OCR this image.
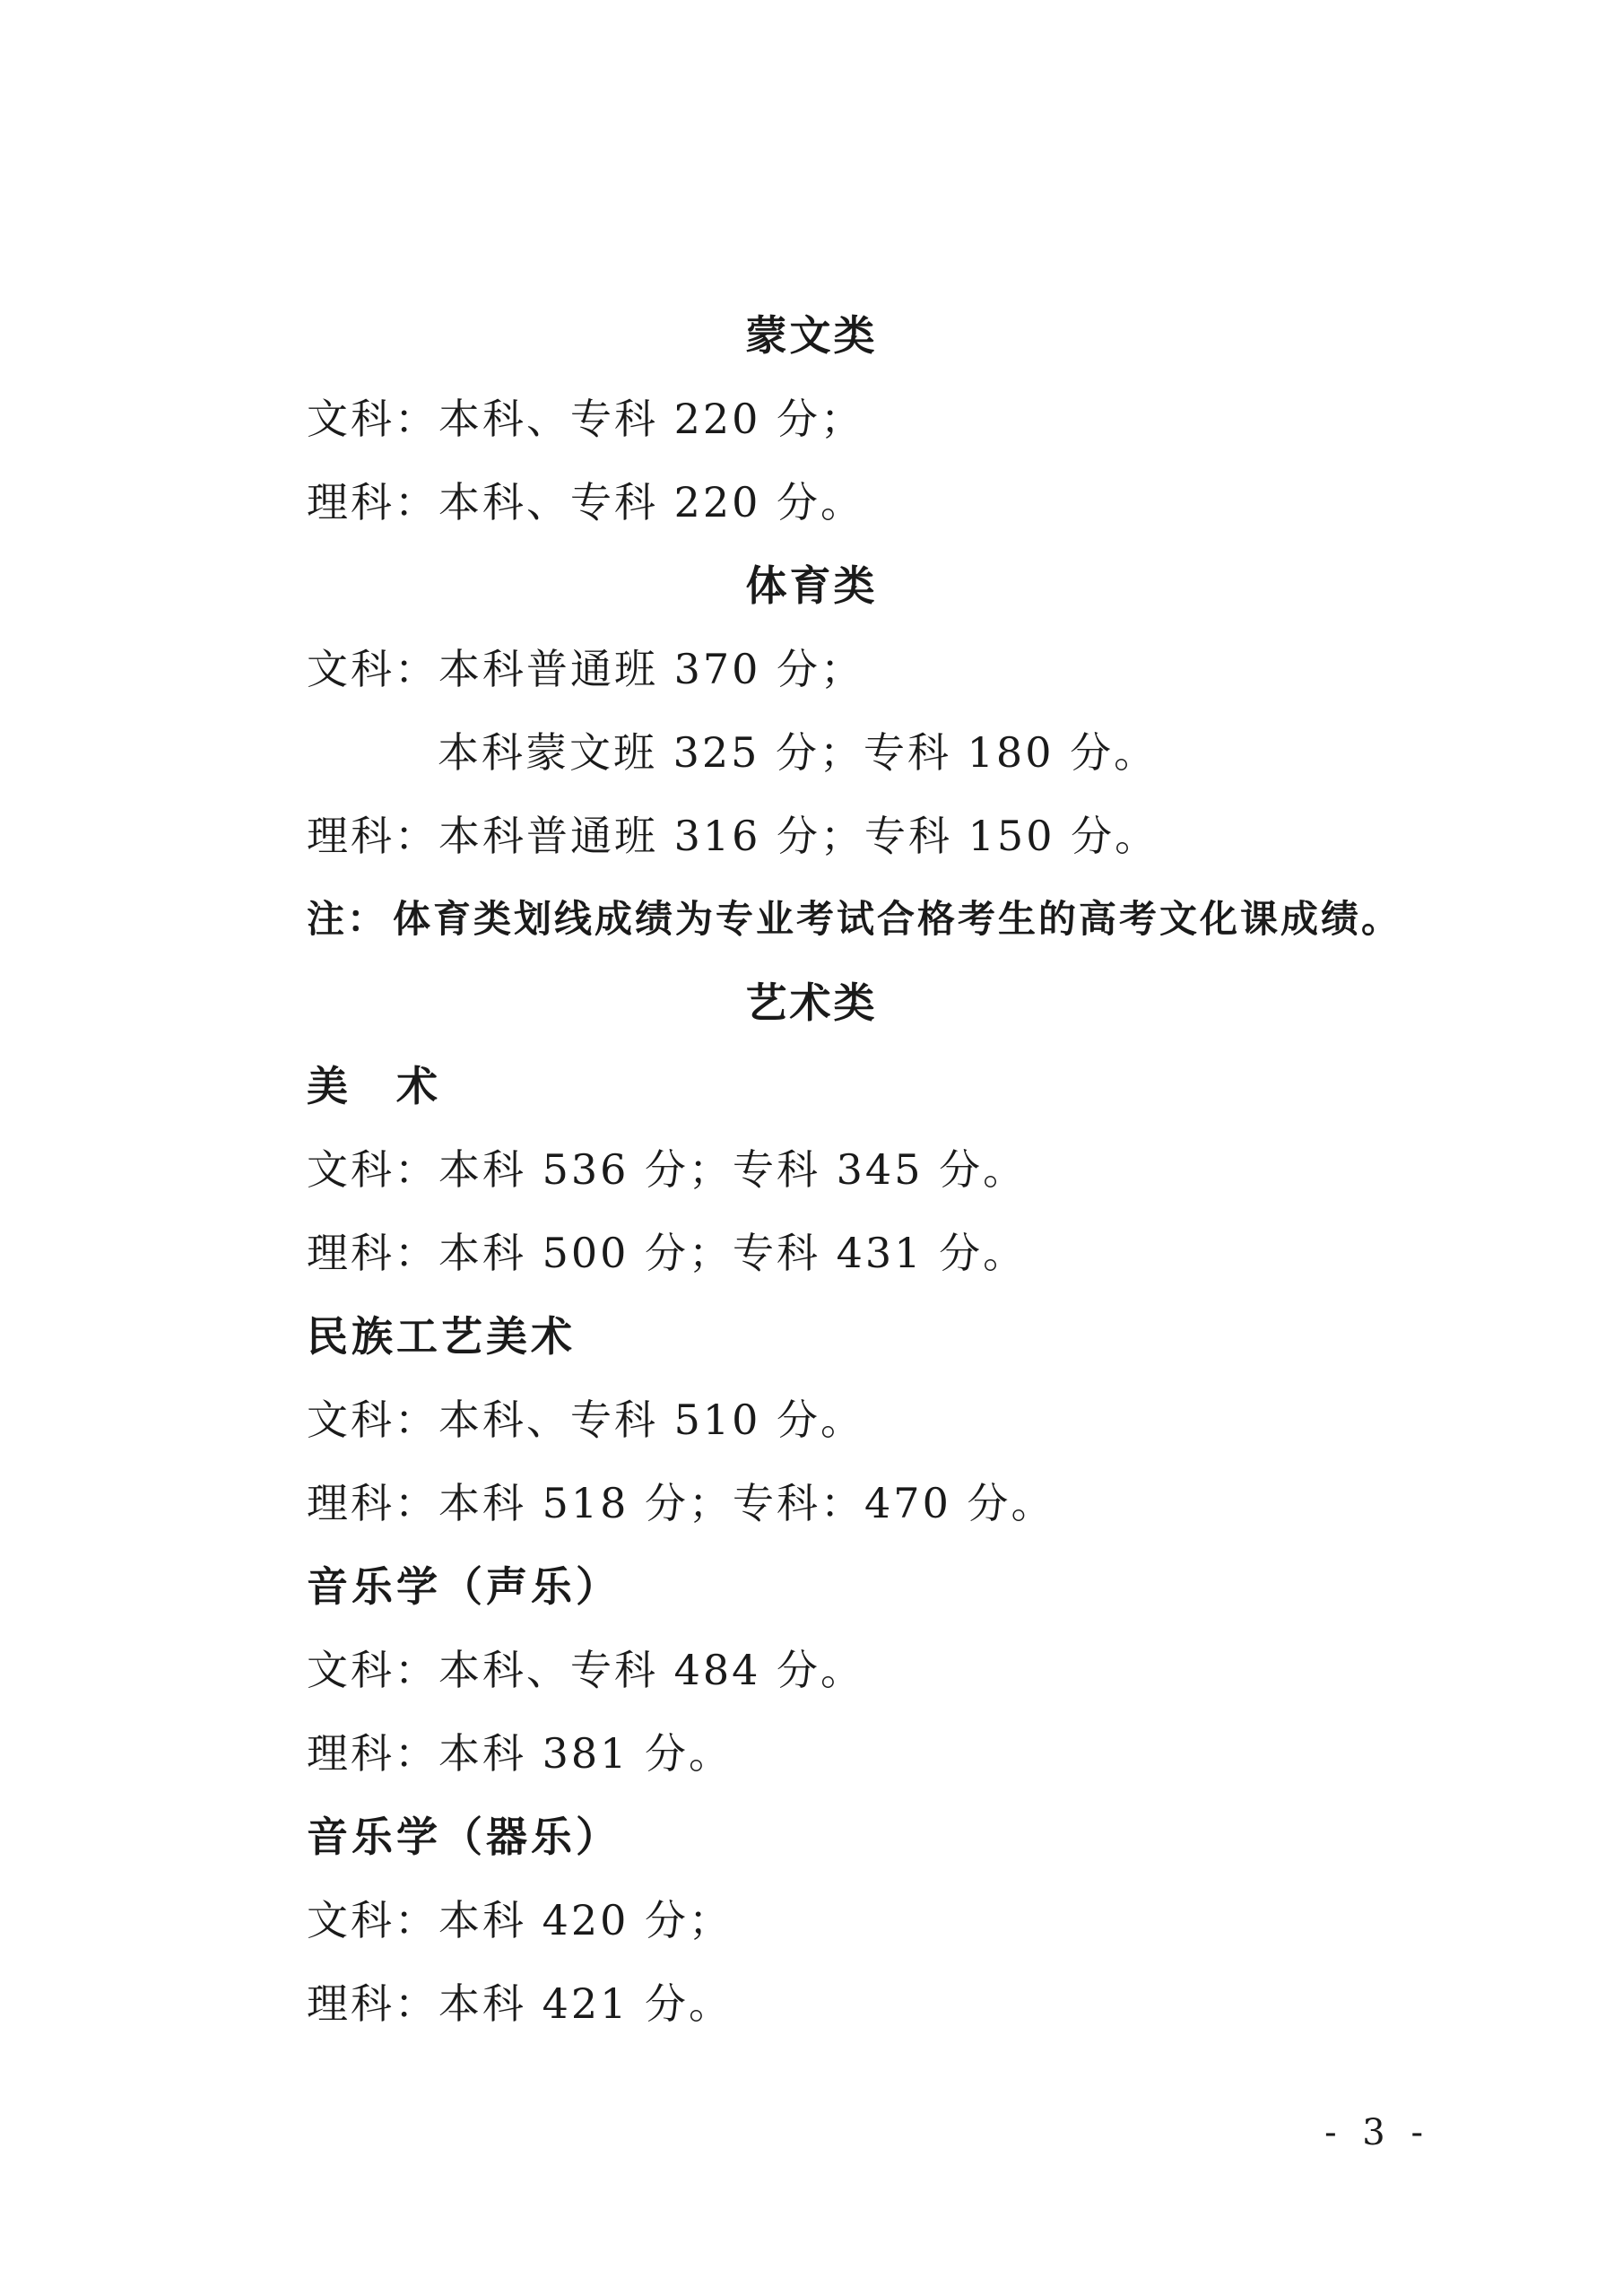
蒙文类
文科：本科、专科 220 分；
理科：本科、专科 220 分。
体育类
文科：本科普通班 370 分；
本科蒙文班 325 分；专科 180 分。
理科：本科普通班 316 分；专科 150 分。
注： 体育类划线成绩为专业考试合格考生的高考文化课成绩。
艺术类
美　术
文科：本科 536 分；专科 345 分。
理科：本科 500 分；专科 431 分。
民族工艺美术
文科：本科、专科 510 分。
理科：本科 518 分；专科：470 分。
音乐学（声乐）
文科：本科、专科 484 分。
理科：本科 381 分。
音乐学（器乐）
文科：本科 420 分；
理科：本科 421 分。
- 3 -
